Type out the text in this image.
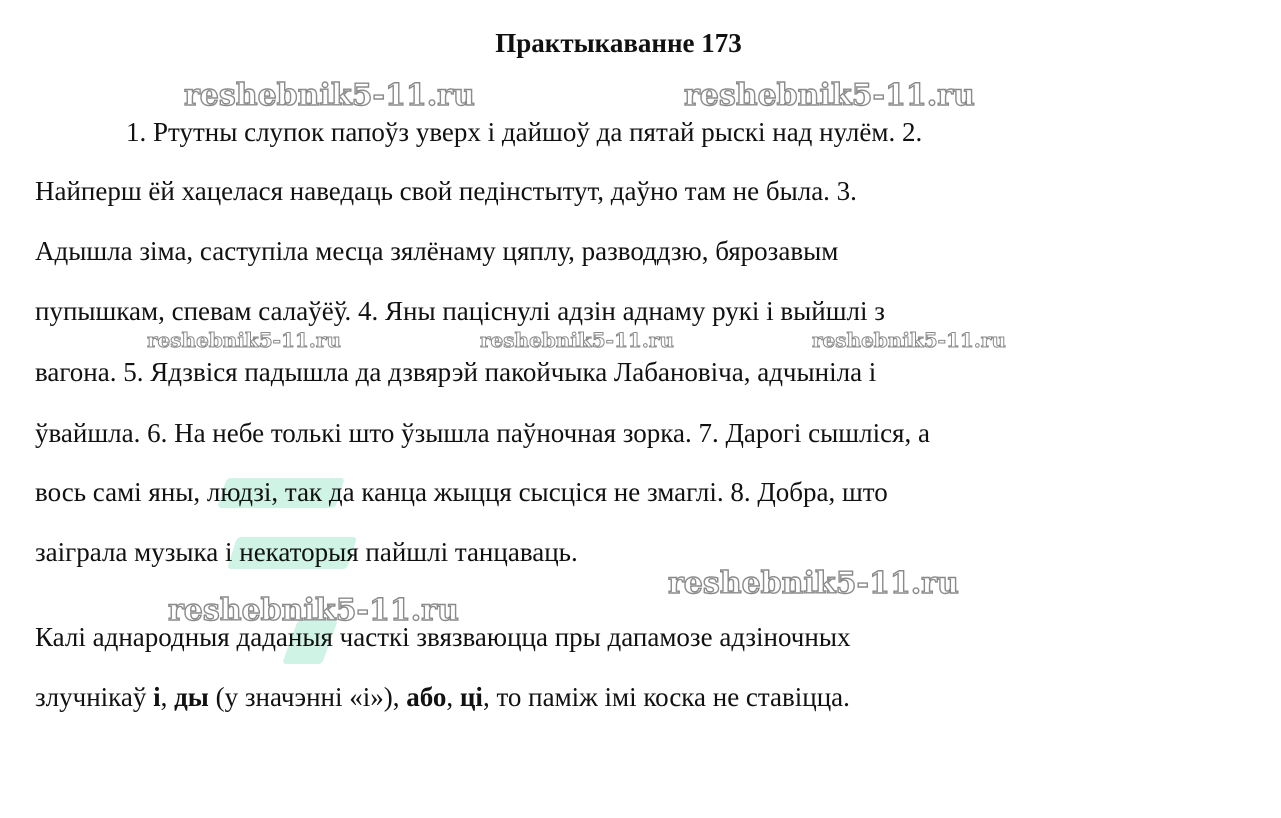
Практыкаванне 173
1. Ртутны слупок папоўз уверх і дайшоў да пятай рыскі над нулём. 2.
Найперш ёй хацелася наведаць свой педінстытут, даўно там не была. 3.
Адышла зіма, саступіла месца зялёнаму цяплу, разводдзю, бярозавым
пупышкам, спевам салаўёў. 4. Яны паціснулі адзін аднаму рукі і выйшлі з
вагона. 5. Ядзвіся падышла да дзвярэй пакойчыка Лабановіча, адчыніла і
ўвайшла. 6. На небе толькі што ўзышла паўночная зорка. 7. Дарогі сышліся, а
вось самі яны, людзі, так да канца жыцця сысціся не змаглі. 8. Добра, што
заіграла музыка і некаторыя пайшлі танцаваць.
Калі аднародныя даданыя часткі звязваюцца пры дапамозе адзіночных
злучнікаў і, ды (у значэнні «і»), або, ці, то паміж імі коска не ставіцца.
reshebnik5-11.ru	reshebnik5-11.ru
reshebnik5-11.ru	reshebnik5-11.ru	reshebnik5-11.ru
reshebnik5-11.ru
reshebnik5-11.ru
